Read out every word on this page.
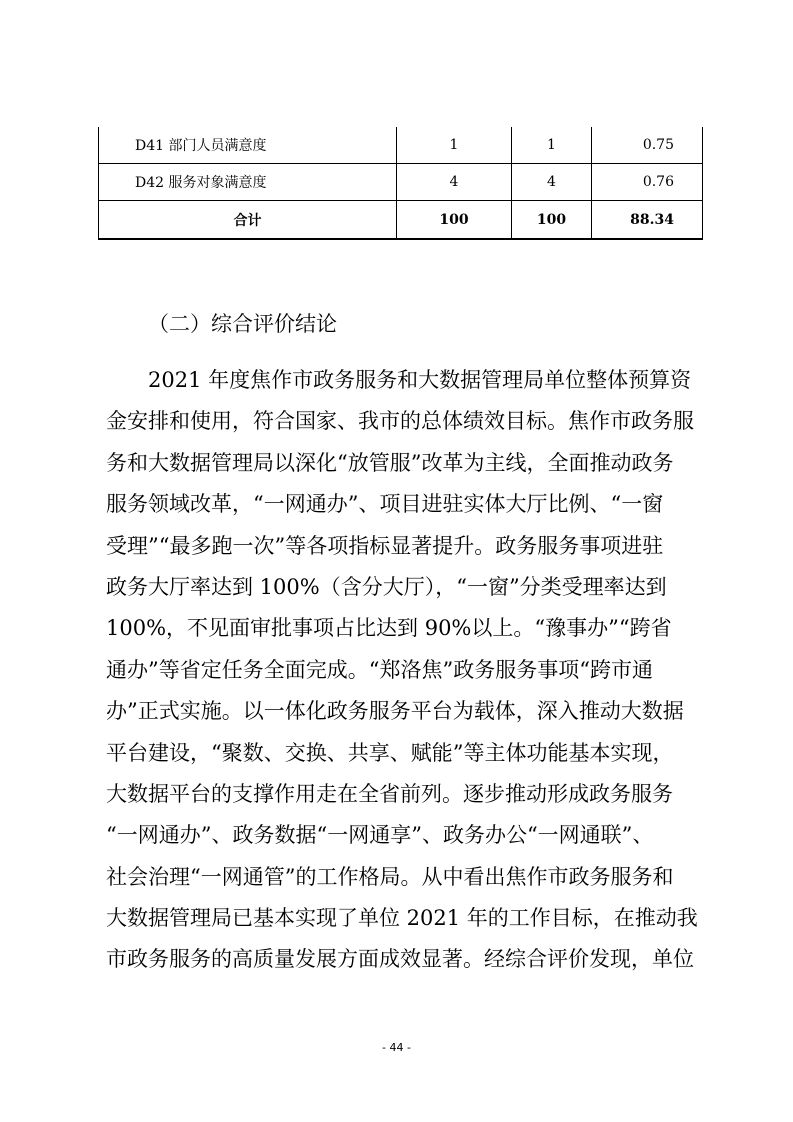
D41 部门人员满意度	1	1	0.75
D42 服务对象满意度	4	4	0.76
合计	100	100	88.34
（二）综合评价结论
2021 年度焦作市政务服务和大数据管理局单位整体预算资
金安排和使用，符合国家、我市的总体绩效目标。焦作市政务服
务和大数据管理局以深化“放管服”改革为主线，全面推动政务
服务领域改革，“一网通办”、项目进驻实体大厅比例、“一窗
受理”“最多跑一次”等各项指标显著提升。政务服务事项进驻
政务大厅率达到 100%（含分大厅），“一窗”分类受理率达到
100%，不见面审批事项占比达到 90%以上。“豫事办”“跨省
通办”等省定任务全面完成。“郑洛焦”政务服务事项“跨市通
办”正式实施。以一体化政务服务平台为载体，深入推动大数据
平台建设，“聚数、交换、共享、赋能”等主体功能基本实现，
大数据平台的支撑作用走在全省前列。逐步推动形成政务服务
“一网通办”、政务数据“一网通享”、政务办公“一网通联”、
社会治理“一网通管”的工作格局。从中看出焦作市政务服务和
大数据管理局已基本实现了单位 2021 年的工作目标，在推动我
市政务服务的高质量发展方面成效显著。经综合评价发现，单位
- 44 -
